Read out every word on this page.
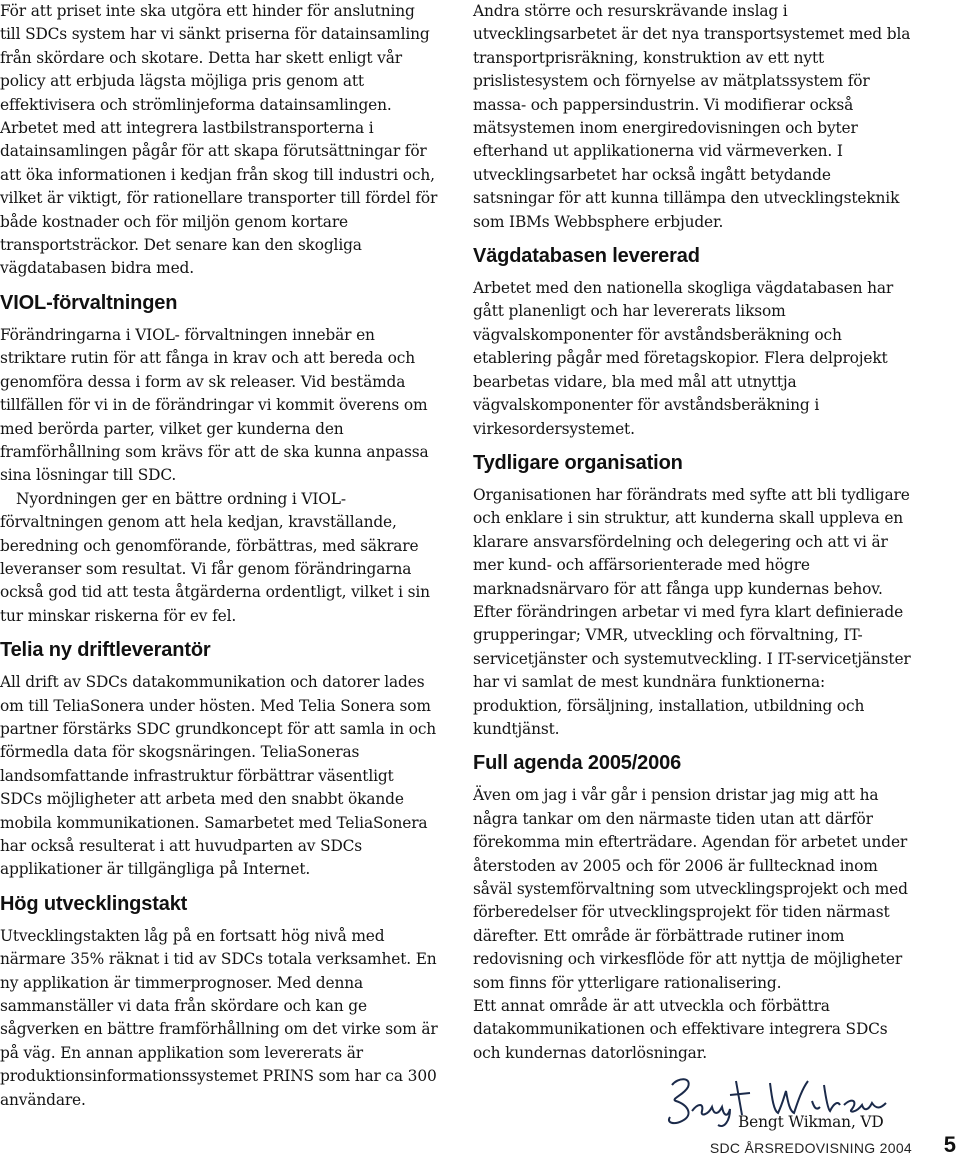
För att priset inte ska utgöra ett hinder för anslutning till SDCs system har vi sänkt priserna för datainsamling från skördare och skotare. Detta har skett enligt vår policy att erbjuda lägsta möjliga pris genom att effektivisera och strömlinjeforma datainsamlingen. Arbetet med att integrera lastbilstransporterna i datainsamlingen pågår för att skapa förutsättningar för att öka informationen i kedjan från skog till industri och, vilket är viktigt, för rationellare transporter till fördel för både kostnader och för miljön genom kortare transportsträckor. Det senare kan den skogliga vägdatabasen bidra med.

VIOL-förvaltningen

Förändringarna i VIOL- förvaltningen innebär en striktare rutin för att fånga in krav och att bereda och genomföra dessa i form av sk releaser. Vid bestämda tillfällen för vi in de förändringar vi kommit överens om med berörda parter, vilket ger kunderna den framförhållning som krävs för att de ska kunna anpassa sina lösningar till SDC.

Nyordningen ger en bättre ordning i VIOL-förvaltningen genom att hela kedjan, kravställande, beredning och genomförande, förbättras, med säkrare leveranser som resultat. Vi får genom förändringarna också god tid att testa åtgärderna ordentligt, vilket i sin tur minskar riskerna för ev fel.

Telia ny driftleverantör

All drift av SDCs datakommunikation och datorer lades om till TeliaSonera under hösten. Med Telia Sonera som partner förstärks SDC grundkoncept för att samla in och förmedla data för skogsnäringen. TeliaSoneras landsomfattande infrastruktur förbättrar väsentligt SDCs möjligheter att arbeta med den snabbt ökande mobila kommunikationen. Samarbetet med TeliaSonera har också resulterat i att huvudparten av SDCs applikationer är tillgängliga på Internet.

Hög utvecklingstakt

Utvecklingstakten låg på en fortsatt hög nivå med närmare 35% räknat i tid av SDCs totala verksamhet. En ny applikation är timmerprognoser. Med denna sammanställer vi data från skördare och kan ge sågverken en bättre framförhållning om det virke som är på väg. En annan applikation som levererats är produktionsinformationssystemet PRINS som har ca 300 användare.

Andra större och resurskrävande inslag i utvecklingsarbetet är det nya transportsystemet med bla transportprisräkning, konstruktion av ett nytt prislistesystem och förnyelse av mätplatssystem för massa- och pappersindustrin. Vi modifierar också mätsystemen inom energiredovisningen och byter efterhand ut applikationerna vid värmeverken. I utvecklingsarbetet har också ingått betydande satsningar för att kunna tillämpa den utvecklingsteknik som IBMs Webbsphere erbjuder.

Vägdatabasen levererad

Arbetet med den nationella skogliga vägdatabasen har gått planenligt och har levererats liksom vägvalskomponenter för avståndsberäkning och etablering pågår med företagskopior. Flera delprojekt bearbetas vidare, bla med mål att utnyttja vägvalskomponenter för avståndsberäkning i virkesordersystemet.

Tydligare organisation

Organisationen har förändrats med syfte att bli tydligare och enklare i sin struktur, att kunderna skall uppleva en klarare ansvarsfördelning och delegering och att vi är mer kund- och affärsorienterade med högre marknadsnärvaro för att fånga upp kundernas behov. Efter förändringen arbetar vi med fyra klart definierade grupperingar; VMR, utveckling och förvaltning, IT-servicetjänster och systemutveckling. I IT-servicetjänster har vi samlat de mest kundnära funktionerna: produktion, försäljning, installation, utbildning och kundtjänst.

Full agenda 2005/2006

Även om jag i vår går i pension dristar jag mig att ha några tankar om den närmaste tiden utan att därför förekomma min efterträdare. Agendan för arbetet under återstoden av 2005 och för 2006 är fulltecknad inom såväl systemförvaltning som utvecklingsprojekt och med förberedelser för utvecklingsprojekt för tiden närmast därefter. Ett område är förbättrade rutiner inom redovisning och virkesflöde för att nyttja de möjligheter som finns för ytterligare rationalisering.

Ett annat område är att utveckla och förbättra datakommunikationen och effektivare integrera SDCs och kundernas datorlösningar.

Bengt Wikman, VD
SDC ÅRSREDOVISNING 2004 5
